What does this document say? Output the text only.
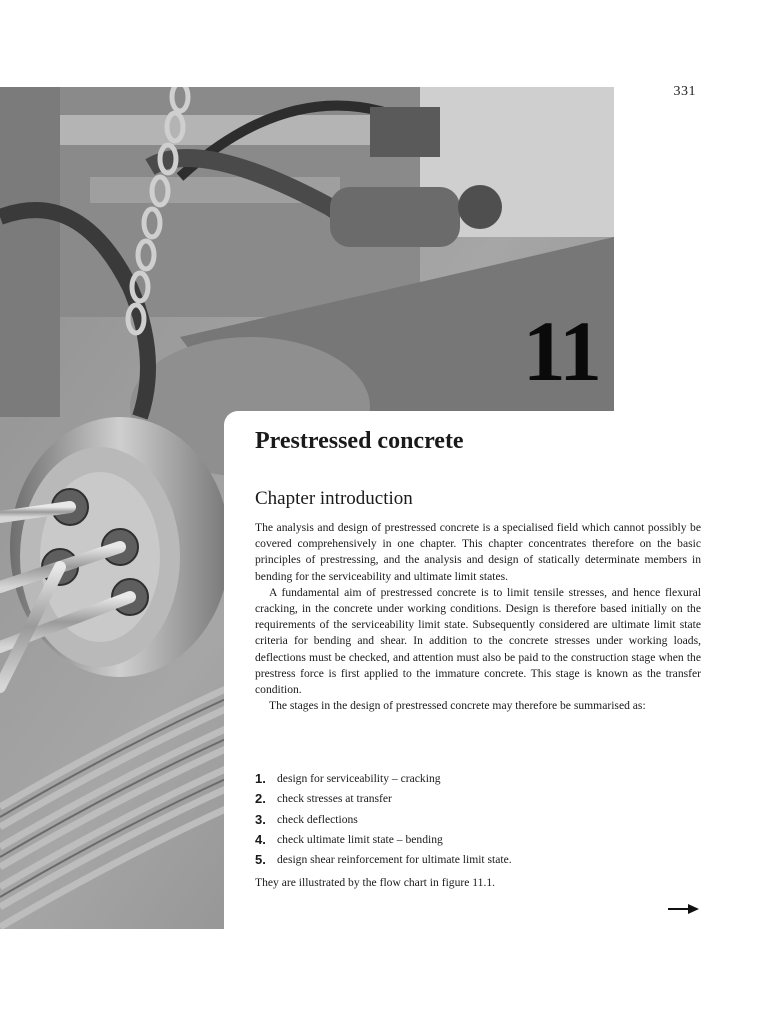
331
11
Prestressed concrete
Chapter introduction

The analysis and design of prestressed concrete is a specialised field which cannot possibly be covered comprehensively in one chapter. This chapter concentrates therefore on the basic principles of prestressing, and the analysis and design of statically determinate members in bending for the serviceability and ultimate limit states.

A fundamental aim of prestressed concrete is to limit tensile stresses, and hence flexural cracking, in the concrete under working conditions. Design is therefore based initially on the requirements of the serviceability limit state. Subsequently considered are ultimate limit state criteria for bending and shear. In addition to the concrete stresses under working loads, deflections must be checked, and attention must also be paid to the construction stage when the prestress force is first applied to the immature concrete. This stage is known as the transfer condition.

The stages in the design of prestressed concrete may therefore be summarised as:

1. design for serviceability – cracking
2. check stresses at transfer
3. check deflections
4. check ultimate limit state – bending
5. design shear reinforcement for ultimate limit state.

They are illustrated by the flow chart in figure 11.1.
